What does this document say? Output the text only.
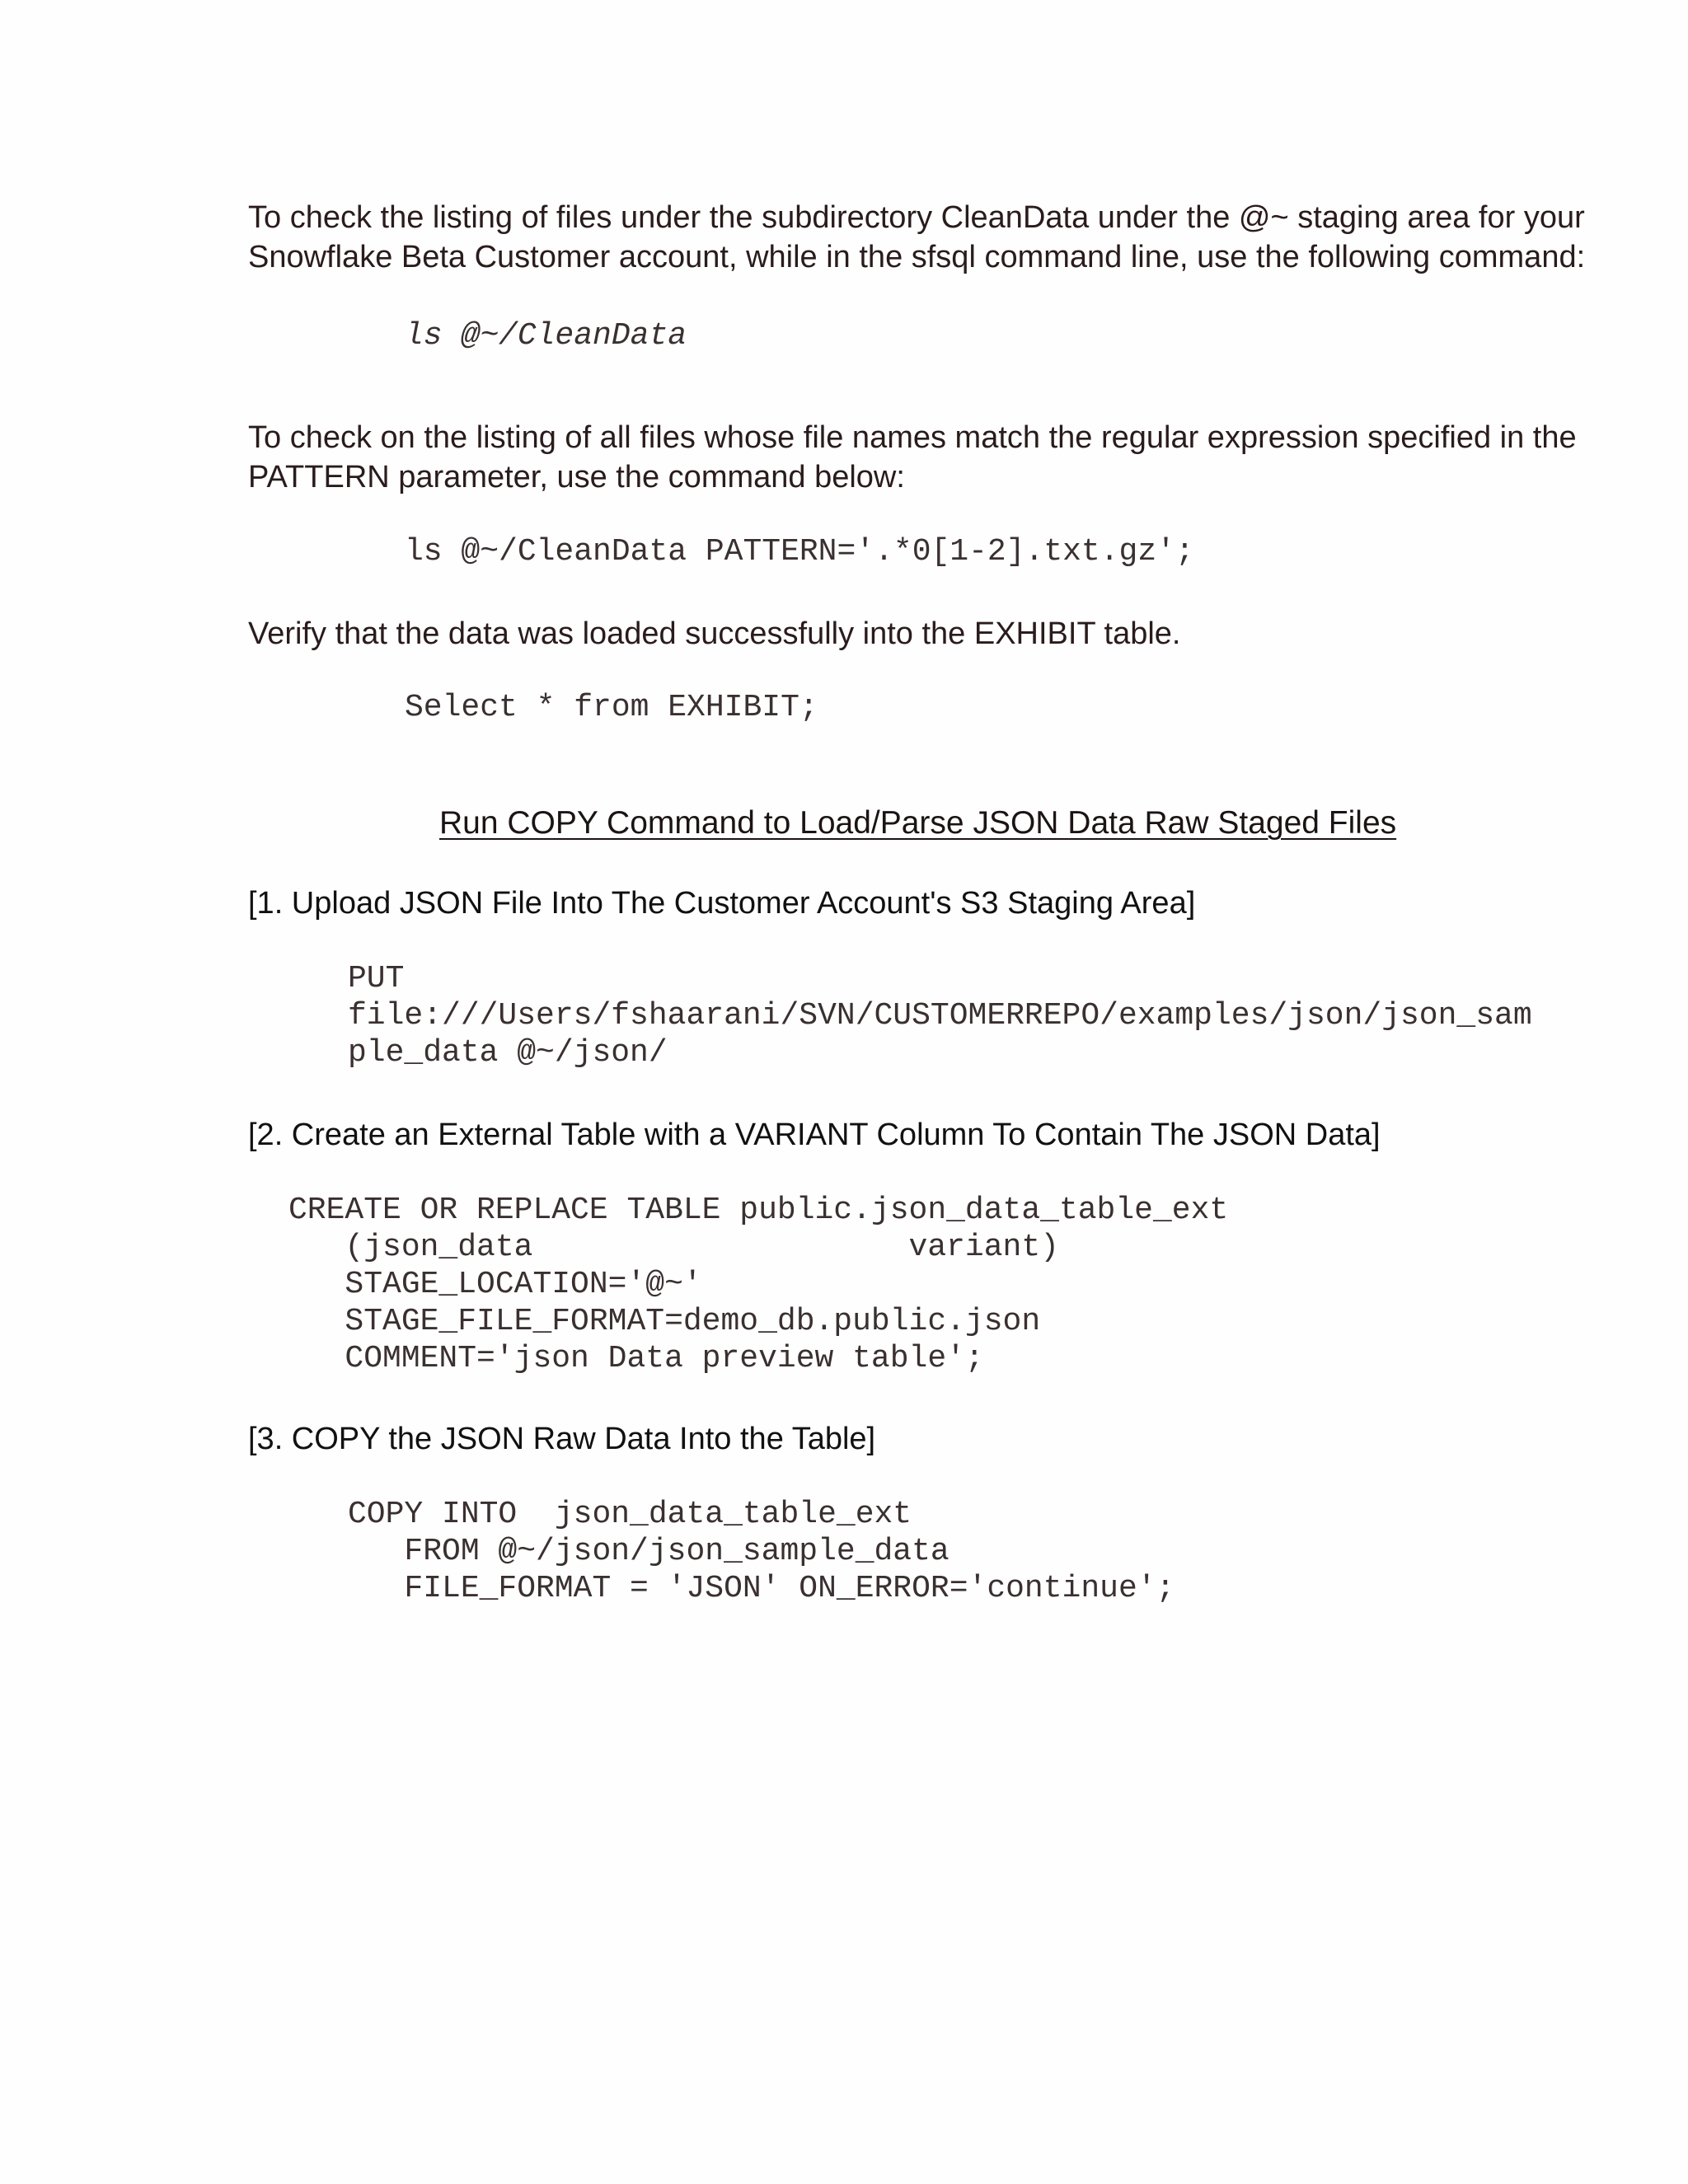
To check the listing of files under the subdirectory CleanData under the @~ staging area for your Snowflake Beta Customer account, while in the sfsql command line, use the following command:

ls @~/CleanData

To check on the listing of all files whose file names match the regular expression specified in the PATTERN parameter, use the command below:

ls @~/CleanData PATTERN='.*0[1-2].txt.gz';

Verify that the data was loaded successfully into the EXHIBIT table.

Select * from EXHIBIT;
Run COPY Command to Load/Parse JSON Data Raw Staged Files
[1. Upload JSON File Into The Customer Account's S3 Staging Area]
PUT
file:///Users/fshaarani/SVN/CUSTOMERREPO/examples/json/json_sam
ple_data @~/json/
[2. Create an External Table with a VARIANT Column To Contain The JSON Data]
CREATE OR REPLACE TABLE public.json_data_table_ext
(json_data                    variant)
STAGE_LOCATION='@~'
STAGE_FILE_FORMAT=demo_db.public.json
COMMENT='json Data preview table';
[3. COPY the JSON Raw Data Into the Table]
COPY INTO  json_data_table_ext
FROM @~/json/json_sample_data
FILE_FORMAT = 'JSON' ON_ERROR='continue';
